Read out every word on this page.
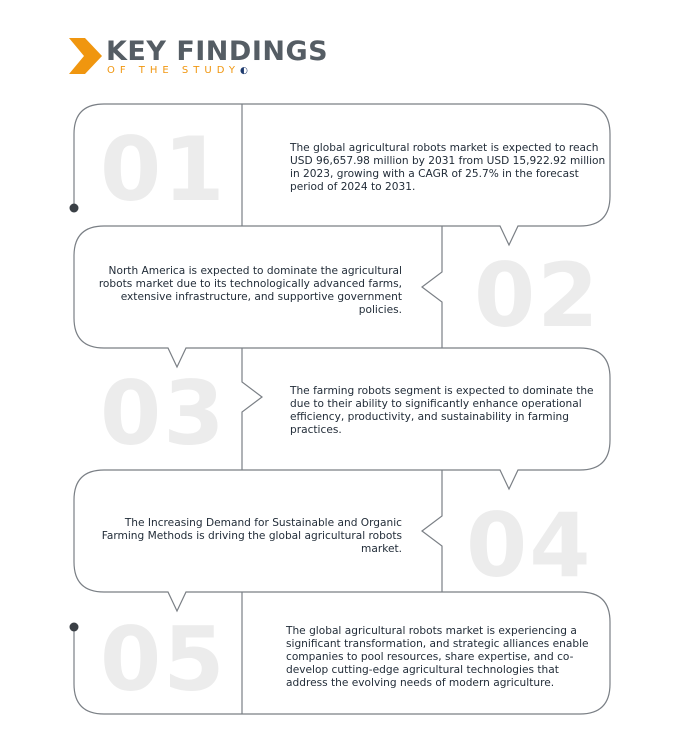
KEY FINDINGS
OF THE STUDY◐
01	The global agricultural robots market is expected to reach USD 96,657.98 million by 2031 from USD 15,922.92 million in 2023, growing with a CAGR of 25.7% in the forecast period of 2024 to 2031.
02
North America is expected to dominate the agricultural robots market due to its technologically advanced farms, extensive infrastructure, and supportive government policies.
03	The farming robots segment is expected to dominate the due to their ability to significantly enhance operational efficiency, productivity, and sustainability in farming practices.
04
The Increasing Demand for Sustainable and Organic Farming Methods is driving the global agricultural robots market.
05	The global agricultural robots market is experiencing a significant transformation, and strategic alliances enable companies to pool resources, share expertise, and co-develop cutting-edge agricultural technologies that address the evolving needs of modern agriculture.
